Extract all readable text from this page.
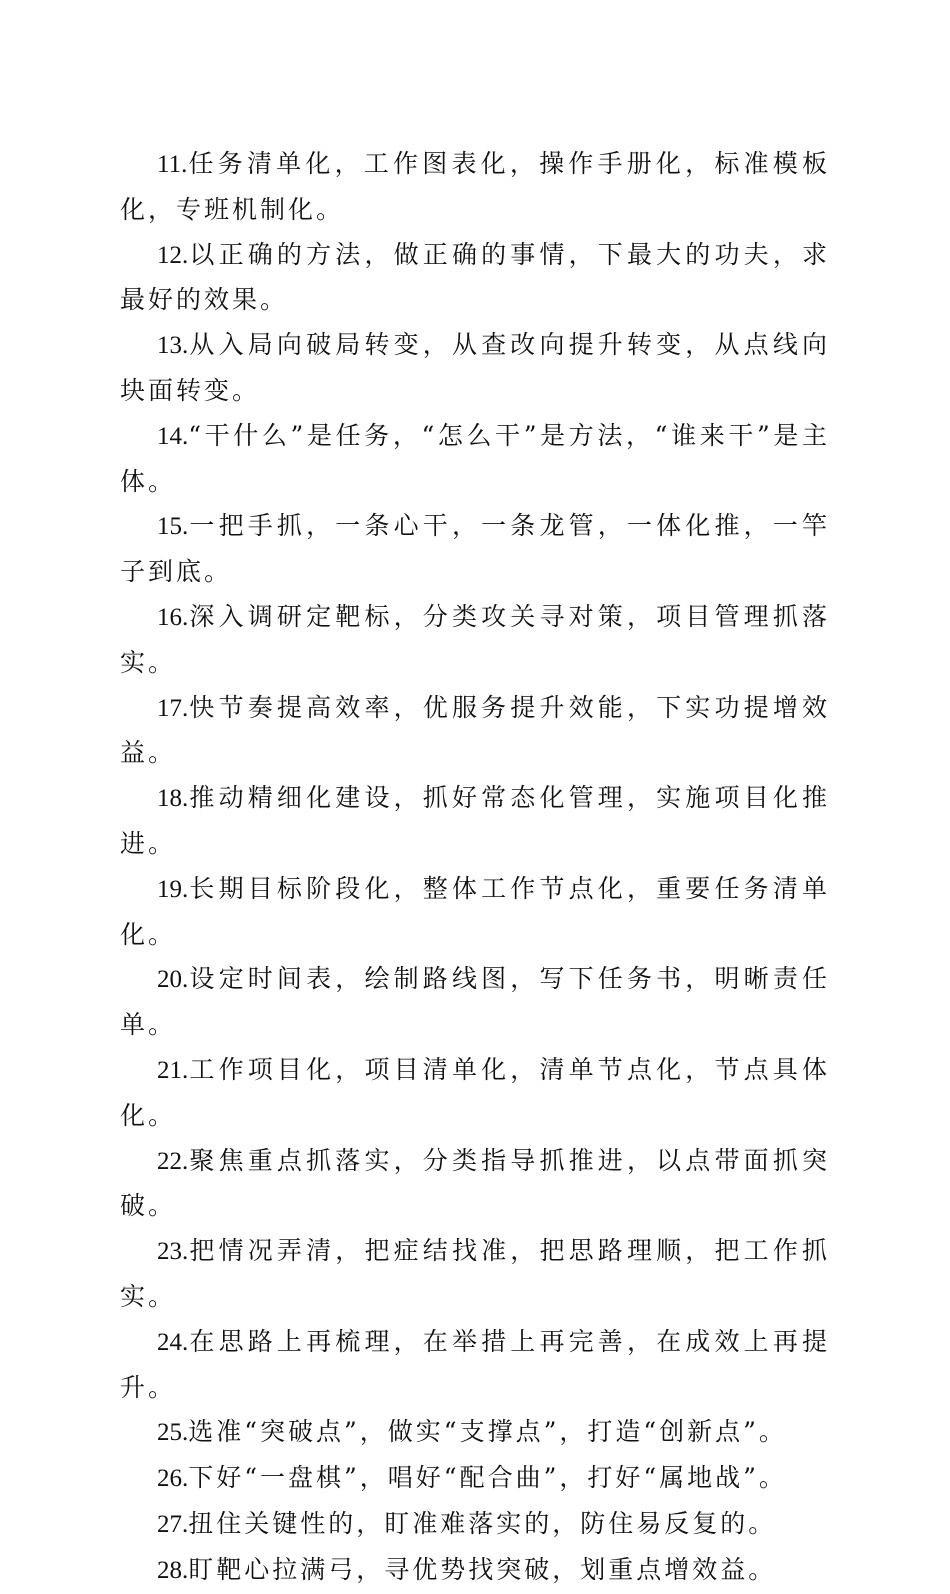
11.任务清单化，工作图表化，操作手册化，标准模板化，专班机制化。

12.以正确的方法，做正确的事情，下最大的功夫，求最好的效果。

13.从入局向破局转变，从查改向提升转变，从点线向块面转变。

14.“干什么”是任务，“怎么干”是方法，“谁来干”是主体。

15.一把手抓，一条心干，一条龙管，一体化推，一竿子到底。

16.深入调研定靶标，分类攻关寻对策，项目管理抓落实。

17.快节奏提高效率，优服务提升效能，下实功提增效益。

18.推动精细化建设，抓好常态化管理，实施项目化推进。

19.长期目标阶段化，整体工作节点化，重要任务清单化。

20.设定时间表，绘制路线图，写下任务书，明晰责任单。

21.工作项目化，项目清单化，清单节点化，节点具体化。

22.聚焦重点抓落实，分类指导抓推进，以点带面抓突破。

23.把情况弄清，把症结找准，把思路理顺，把工作抓实。

24.在思路上再梳理，在举措上再完善，在成效上再提升。

25.选准“突破点”，做实“支撑点”，打造“创新点”。

26.下好“一盘棋”，唱好“配合曲”，打好“属地战”。

27.扭住关键性的，盯准难落实的，防住易反复的。

28.盯靶心拉满弓，寻优势找突破，划重点增效益。
